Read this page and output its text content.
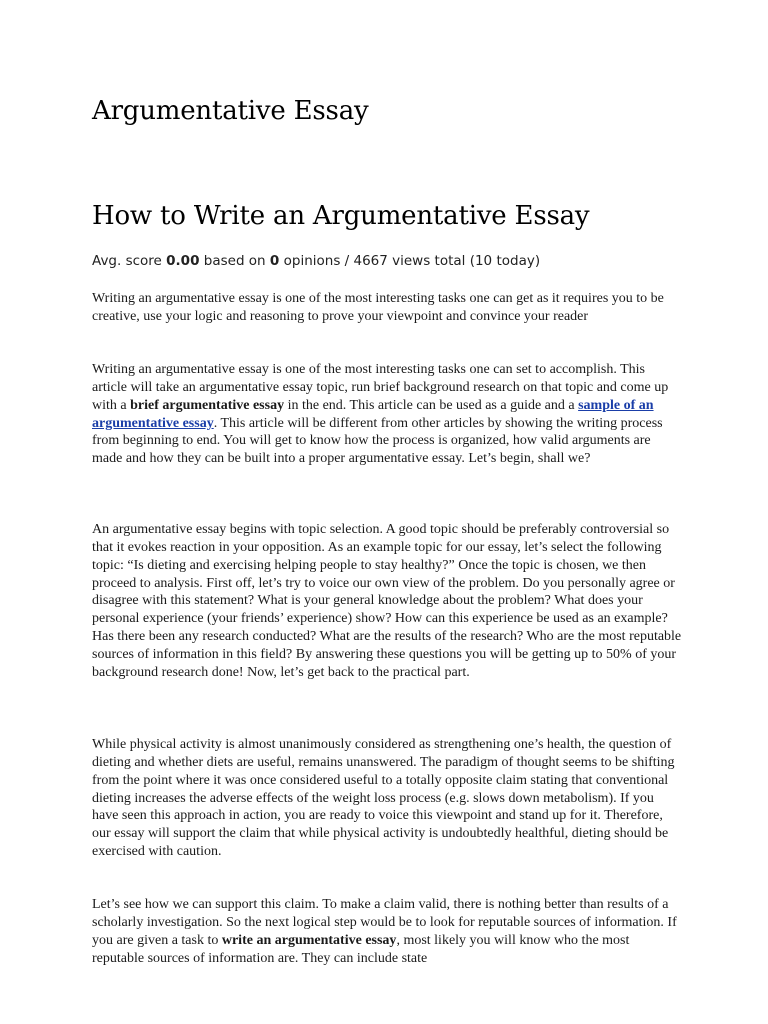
Argumentative Essay
How to Write an Argumentative Essay

Avg. score 0.00 based on 0 opinions / 4667 views total (10 today)

Writing an argumentative essay is one of the most interesting tasks one can get as it requires you to be creative, use your logic and reasoning to prove your viewpoint and convince your reader

Writing an argumentative essay is one of the most interesting tasks one can set to accomplish. This article will take an argumentative essay topic, run brief background research on that topic and come up with a brief argumentative essay in the end. This article can be used as a guide and a sample of an argumentative essay. This article will be different from other articles by showing the writing process from beginning to end. You will get to know how the process is organized, how valid arguments are made and how they can be built into a proper argumentative essay. Let’s begin, shall we?

An argumentative essay begins with topic selection. A good topic should be preferably controversial so that it evokes reaction in your opposition. As an example topic for our essay, let’s select the following topic: “Is dieting and exercising helping people to stay healthy?” Once the topic is chosen, we then proceed to analysis. First off, let’s try to voice our own view of the problem. Do you personally agree or disagree with this statement? What is your general knowledge about the problem? What does your personal experience (your friends’ experience) show? How can this experience be used as an example? Has there been any research conducted? What are the results of the research? Who are the most reputable sources of information in this field? By answering these questions you will be getting up to 50% of your background research done! Now, let’s get back to the practical part.

While physical activity is almost unanimously considered as strengthening one’s health, the question of dieting and whether diets are useful, remains unanswered. The paradigm of thought seems to be shifting from the point where it was once considered useful to a totally opposite claim stating that conventional dieting increases the adverse effects of the weight loss process (e.g. slows down metabolism). If you have seen this approach in action, you are ready to voice this viewpoint and stand up for it. Therefore, our essay will support the claim that while physical activity is undoubtedly healthful, dieting should be exercised with caution.

Let’s see how we can support this claim. To make a claim valid, there is nothing better than results of a scholarly investigation. So the next logical step would be to look for reputable sources of information. If you are given a task to write an argumentative essay, most likely you will know who the most reputable sources of information are. They can include state
